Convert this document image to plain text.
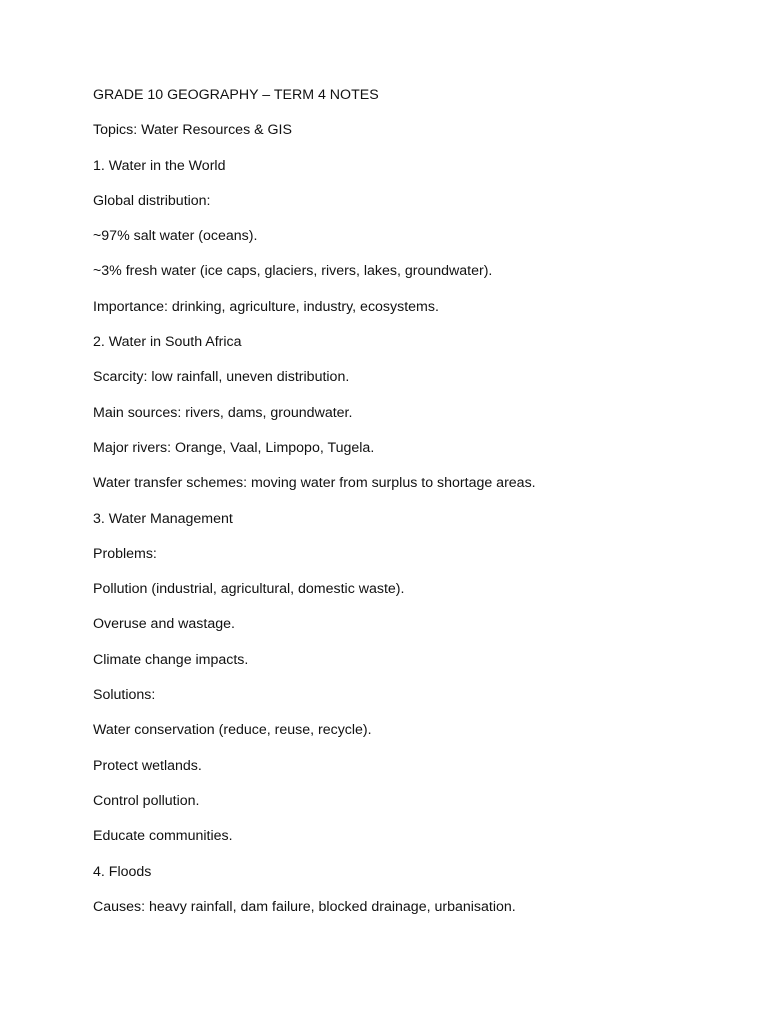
GRADE 10 GEOGRAPHY – TERM 4 NOTES

Topics: Water Resources & GIS

1. Water in the World

Global distribution:

~97% salt water (oceans).

~3% fresh water (ice caps, glaciers, rivers, lakes, groundwater).

Importance: drinking, agriculture, industry, ecosystems.

2. Water in South Africa

Scarcity: low rainfall, uneven distribution.

Main sources: rivers, dams, groundwater.

Major rivers: Orange, Vaal, Limpopo, Tugela.

Water transfer schemes: moving water from surplus to shortage areas.

3. Water Management

Problems:

Pollution (industrial, agricultural, domestic waste).

Overuse and wastage.

Climate change impacts.

Solutions:

Water conservation (reduce, reuse, recycle).

Protect wetlands.

Control pollution.

Educate communities.

4. Floods

Causes: heavy rainfall, dam failure, blocked drainage, urbanisation.
